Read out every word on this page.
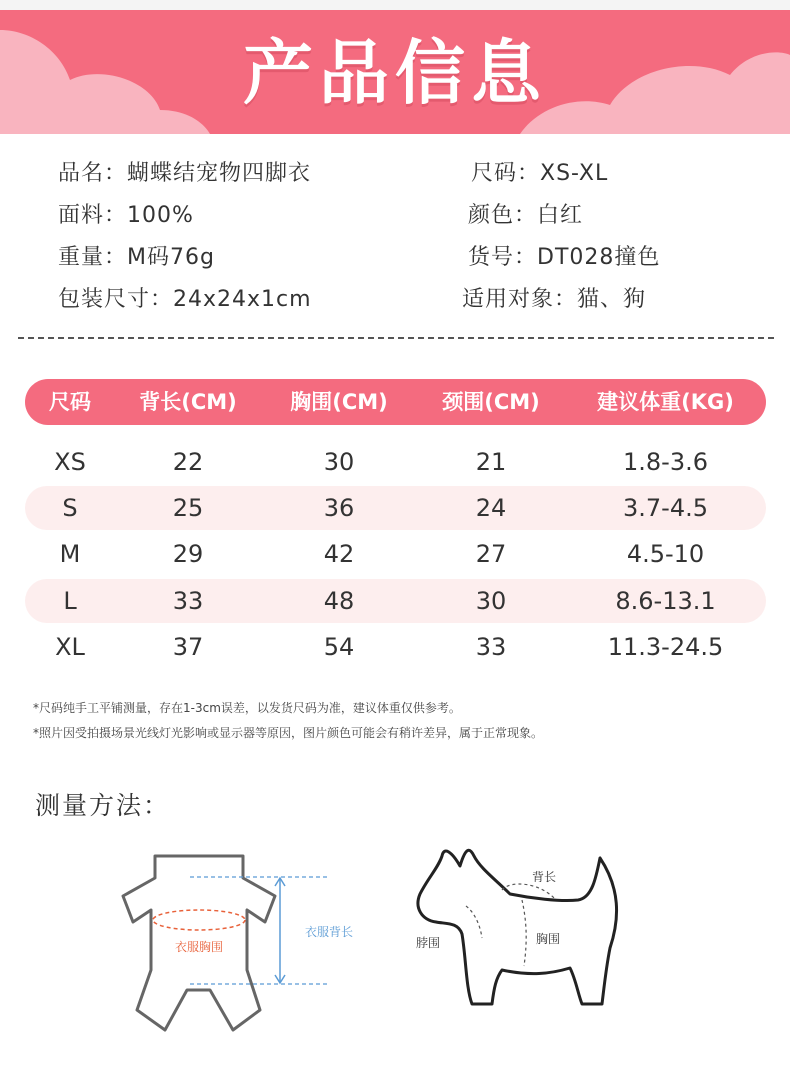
产品信息
品名：蝴蝶结宠物四脚衣	尺码：XS-XL
面料：100%	颜色：白红
重量：M码76g	货号：DT028撞色
包装尺寸：24x24x1cm	适用对象：猫、狗
尺码	背长(CM)	胸围(CM)	颈围(CM)	建议体重(KG)
XS	22	30	21	1.8-3.6
S	25	36	24	3.7-4.5
M	29	42	27	4.5-10
L	33	48	30	8.6-13.1
XL	37	54	33	11.3-24.5
*尺码纯手工平铺测量，存在1-3cm误差，以发货尺码为准，建议体重仅供参考。
*照片因受拍摄场景光线灯光影响或显示器等原因，图片颜色可能会有稍许差异，属于正常现象。
测量方法：
衣服胸围
衣服背长
背长
脖围	胸围
